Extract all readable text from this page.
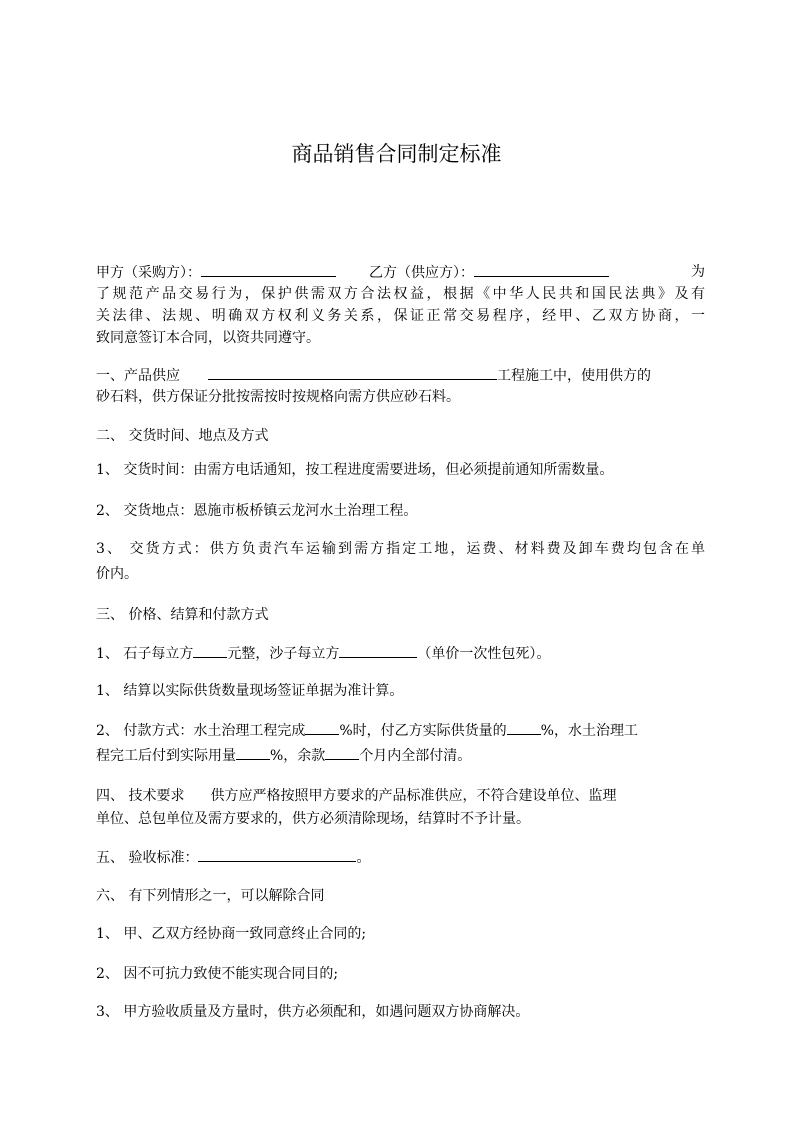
商品销售合同制定标准
甲方（采购方）：	乙方（供应方）：	为
了规范产品交易行为，保护供需双方合法权益，根据《中华人民共和国民法典》及有
关法律、法规、明确双方权利义务关系，保证正常交易程序，经甲、乙双方协商，一
致同意签订本合同，以资共同遵守。
一、产品供应	工程施工中，使用供方的
砂石料，供方保证分批按需按时按规格向需方供应砂石料。
二、 交货时间、地点及方式
1、 交货时间：由需方电话通知，按工程进度需要进场，但必须提前通知所需数量。
2、 交货地点：恩施市板桥镇云龙河水土治理工程。
3、 交货方式：供方负责汽车运输到需方指定工地，运费、材料费及卸车费均包含在单
价内。
三、 价格、结算和付款方式
1、 石子每立方 元整，沙子每立方	（单价一次性包死）。
1、 结算以实际供货数量现场签证单据为准计算。
2、 付款方式：水土治理工程完成 %时，付乙方实际供货量的 %，水土治理工
程完工后付到实际用量 %，余款 个月内全部付清。
四、 技术要求 供方应严格按照甲方要求的产品标准供应，不符合建设单位、监理
单位、总包单位及需方要求的，供方必须清除现场，结算时不予计量。
五、 验收标准：	。
六、 有下列情形之一，可以解除合同
1、 甲、乙双方经协商一致同意终止合同的;
2、 因不可抗力致使不能实现合同目的;
3、 甲方验收质量及方量时，供方必须配和，如遇问题双方协商解决。
